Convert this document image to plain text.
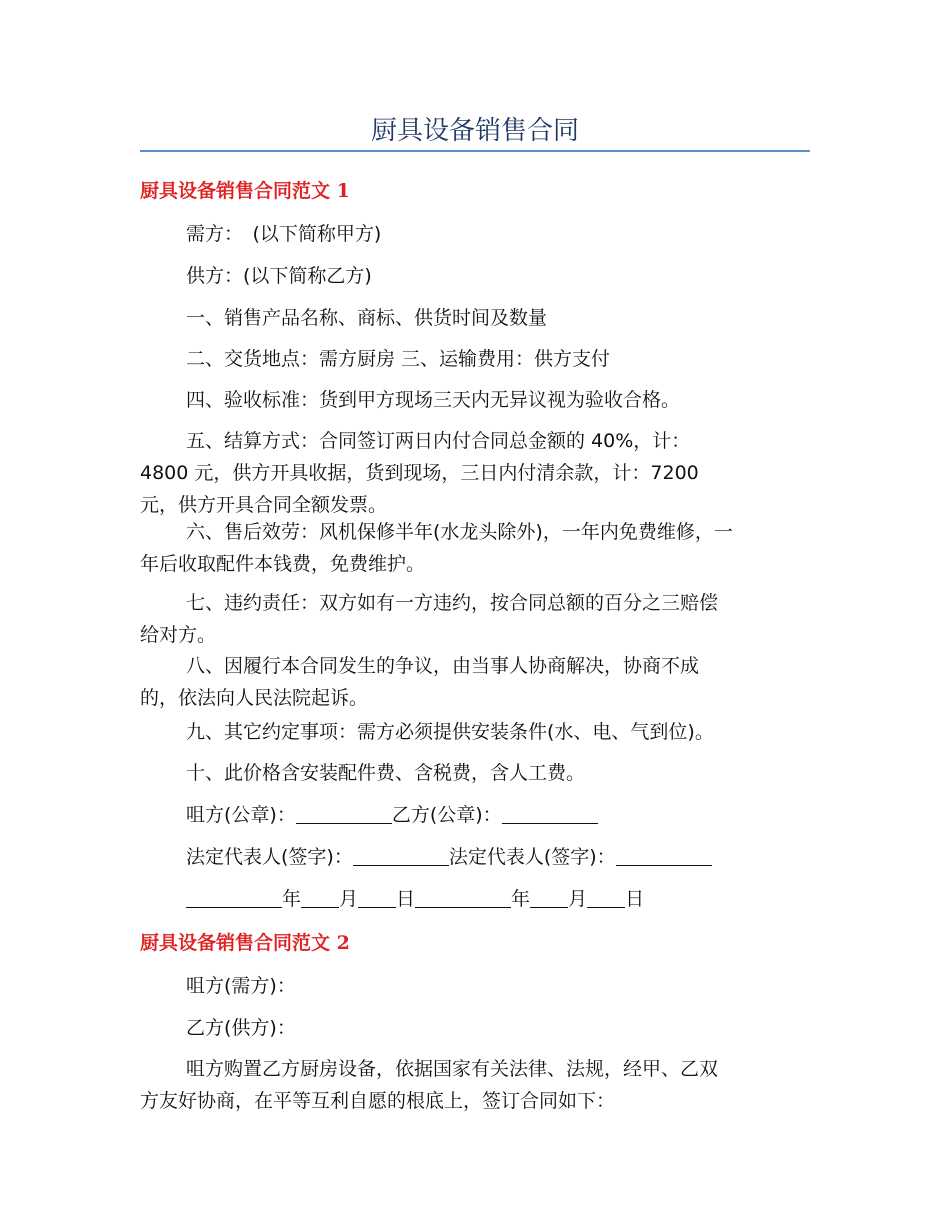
厨具设备销售合同
厨具设备销售合同范文 1
需方：　(以下简称甲方)
供方：(以下简称乙方)
一、销售产品名称、商标、供货时间及数量
二、交货地点：需方厨房 三、运输费用：供方支付
四、验收标准：货到甲方现场三天内无异议视为验收合格。
五、结算方式：合同签订两日内付合同总金额的 40%，计：
4800 元，供方开具收据，货到现场，三日内付清余款，计：7200
元，供方开具合同全额发票。
六、售后效劳：风机保修半年(水龙头除外)，一年内免费维修，一
年后收取配件本钱费，免费维护。
七、违约责任：双方如有一方违约，按合同总额的百分之三赔偿
给对方。
八、因履行本合同发生的争议，由当事人协商解决，协商不成
的，依法向人民法院起诉。
九、其它约定事项：需方必须提供安装条件(水、电、气到位)。
十、此价格含安装配件费、含税费，含人工费。
咀方(公章)：	乙方(公章)：
法定代表人(签字)：	法定代表人(签字)：
年 月 日	年 月 日
厨具设备销售合同范文 2
咀方(需方)：
乙方(供方)：
咀方购置乙方厨房设备，依据国家有关法律、法规，经甲、乙双
方友好协商，在平等互利自愿的根底上，签订合同如下：
